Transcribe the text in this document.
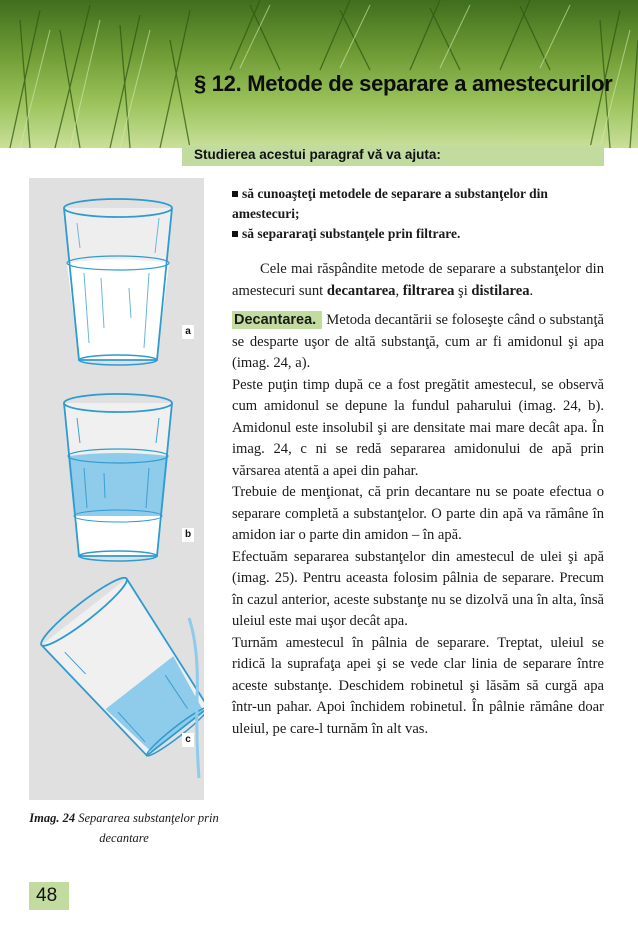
§ 12. Metode de separare a amestecurilor
Studierea acestui paragraf vă va ajuta:
a
b
c
Imag. 24 Separarea substanţelor prin decantare
să cunoaşteţi metodele de separare a substanţelor din amestecuri;
să separaraţi substanţele prin filtrare.

Cele mai răspândite metode de separare a substanţelor din amestecuri sunt decantarea, filtrarea şi distilarea.

Decantarea. Metoda decantării se foloseşte când o substanţă se desparte uşor de altă substanţă, cum ar fi amidonul şi apa (imag. 24, a).

Peste puţin timp după ce a fost pregătit amestecul, se observă cum amidonul se depune la fundul paharului (imag. 24, b). Amidonul este insolubil şi are densitate mai mare decât apa. În imag. 24, c ni se redă separarea amidonului de apă prin vărsarea atentă a apei din pahar.

Trebuie de menţionat, că prin decantare nu se poate efectua o separare completă a substanţelor. O parte din apă va rămâne în amidon iar o parte din amidon – în apă.

Efectuăm separarea substanţelor din amestecul de ulei şi apă (imag. 25). Pentru aceasta folosim pâlnia de separare. Precum în cazul anterior, aceste substanţe nu se dizolvă una în alta, însă uleiul este mai uşor decât apa.

Turnăm amestecul în pâlnia de separare. Treptat, uleiul se ridică la suprafaţa apei şi se vede clar linia de separare între aceste substanţe. Deschidem robinetul şi lăsăm să curgă apa într-un pahar. Apoi închidem robinetul. În pâlnie rămâne doar uleiul, pe care-l turnăm în alt vas.

48
